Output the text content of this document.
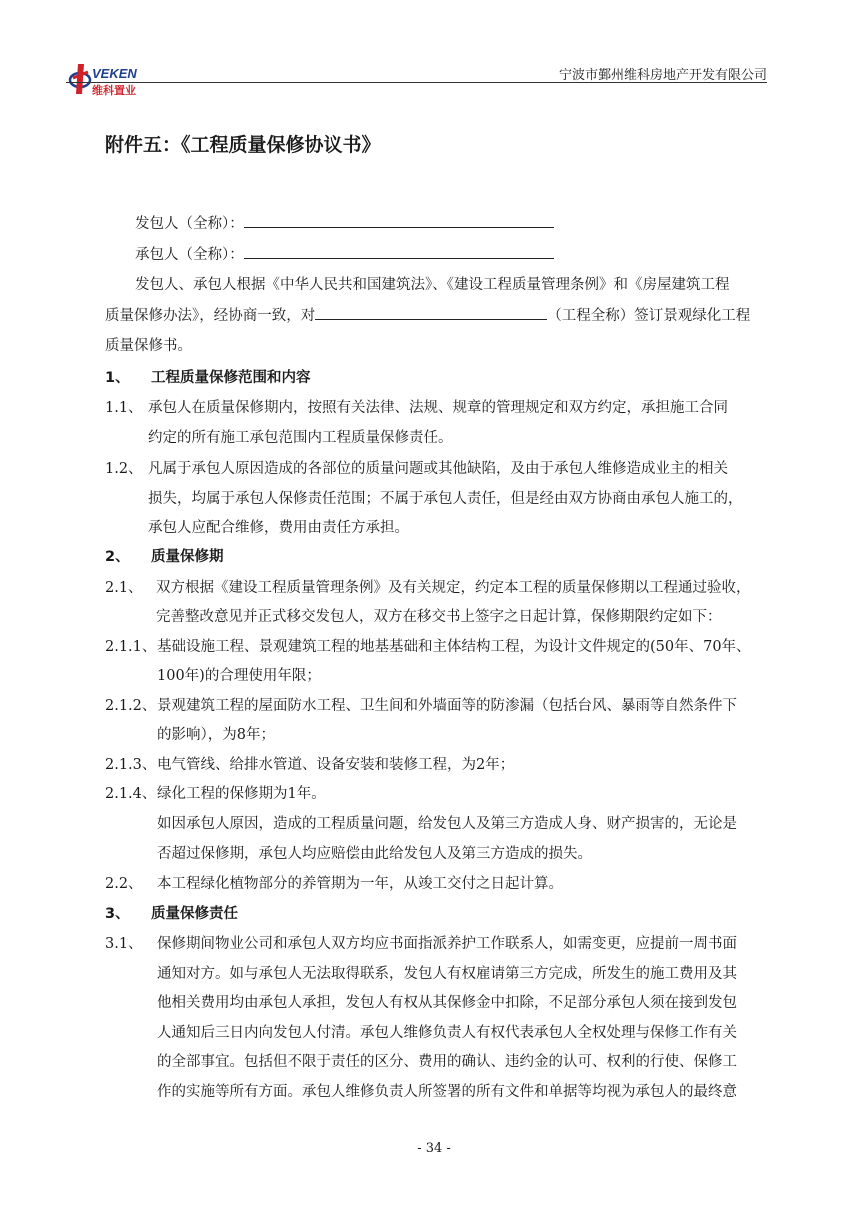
VEKEN
维科置业
宁波市鄞州维科房地产开发有限公司
附件五：《工程质量保修协议书》
发包人（全称）：
承包人（全称）：
发包人、承包人根据《中华人民共和国建筑法》、《建设工程质量管理条例》和《房屋建筑工程
质量保修办法》，经协商一致，对	（工程全称）签订景观绿化工程
质量保修书。
1、 工程质量保修范围和内容
1.1、 承包人在质量保修期内，按照有关法律、法规、规章的管理规定和双方约定，承担施工合同
约定的所有施工承包范围内工程质量保修责任。
1.2、 凡属于承包人原因造成的各部位的质量问题或其他缺陷，及由于承包人维修造成业主的相关
损失，均属于承包人保修责任范围；不属于承包人责任，但是经由双方协商由承包人施工的，
承包人应配合维修，费用由责任方承担。
2、 质量保修期
2.1、 双方根据《建设工程质量管理条例》及有关规定，约定本工程的质量保修期以工程通过验收，
完善整改意见并正式移交发包人，双方在移交书上签字之日起计算，保修期限约定如下：
2.1.1、 基础设施工程、景观建筑工程的地基基础和主体结构工程，为设计文件规定的(50年、70年、
100年)的合理使用年限；
2.1.2、 景观建筑工程的屋面防水工程、卫生间和外墙面等的防渗漏（包括台风、暴雨等自然条件下
的影响），为8年；
2.1.3、 电气管线、给排水管道、设备安装和装修工程，为2年；
2.1.4、 绿化工程的保修期为1年。
如因承包人原因，造成的工程质量问题，给发包人及第三方造成人身、财产损害的，无论是
否超过保修期，承包人均应赔偿由此给发包人及第三方造成的损失。
2.2、 本工程绿化植物部分的养管期为一年，从竣工交付之日起计算。
3、 质量保修责任
3.1、 保修期间物业公司和承包人双方均应书面指派养护工作联系人，如需变更，应提前一周书面
通知对方。如与承包人无法取得联系，发包人有权雇请第三方完成，所发生的施工费用及其
他相关费用均由承包人承担，发包人有权从其保修金中扣除，不足部分承包人须在接到发包
人通知后三日内向发包人付清。承包人维修负责人有权代表承包人全权处理与保修工作有关
的全部事宜。包括但不限于责任的区分、费用的确认、违约金的认可、权利的行使、保修工
作的实施等所有方面。承包人维修负责人所签署的所有文件和单据等均视为承包人的最终意
- 34 -
